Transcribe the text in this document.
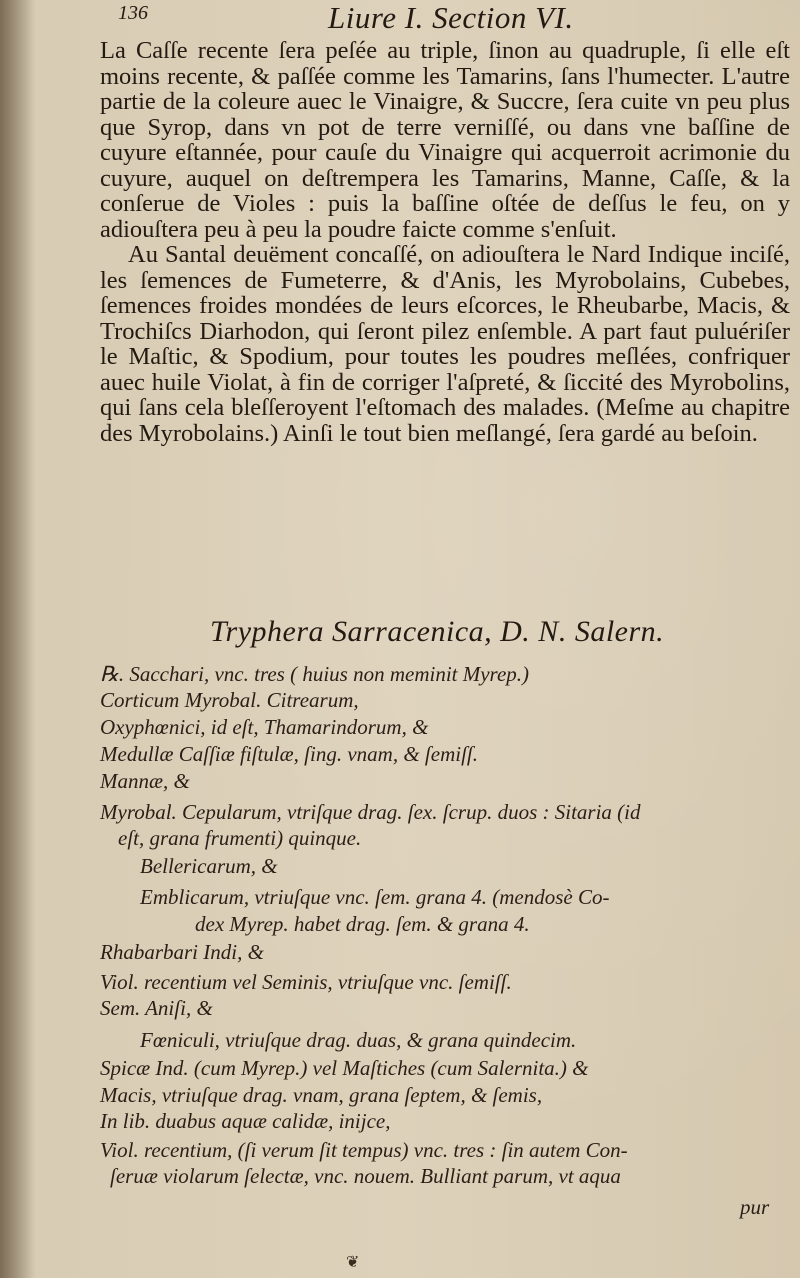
136	Liure I. Section VI.

La Caſſe recente ſera peſée au triple, ſinon au quadruple, ſi elle eſt moins recente, & paſſée comme les Tamarins, ſans l'humecter. L'autre partie de la coleure auec le Vinaigre, & Succre, ſera cuite vn peu plus que Syrop, dans vn pot de terre verniſſé, ou dans vne baſſine de cuyure eſtannée, pour cauſe du Vinaigre qui acquerroit acrimonie du cuyure, auquel on deſtrempera les Tamarins, Manne, Caſſe, & la conſerue de Violes : puis la baſſine oſtée de deſſus le feu, on y adiouſtera peu à peu la poudre faicte comme s'enſuit.

Au Santal deuëment concaſſé, on adiouſtera le Nard Indique inciſé, les ſemences de Fumeterre, & d'Anis, les Myrobolains, Cubebes, ſemences froides mondées de leurs eſcorces, le Rheubarbe, Macis, & Trochiſcs Diarhodon, qui ſeront pilez enſemble. A part faut puluériſer le Maſtic, & Spodium, pour toutes les poudres meſlées, confriquer auec huile Violat, à fin de corriger l'aſpreté, & ſiccité des Myrobolins, qui ſans cela bleſſeroyent l'eſtomach des malades. (Meſme au chapitre des Myrobolains.) Ainſi le tout bien meſlangé, ſera gardé au beſoin.

Tryphera Sarracenica, D. N. Salern.
℞. Sacchari, vnc. tres ( huius non meminit Myrep.)
Corticum Myrobal. Citrearum,
Oxyphœnici, id eſt, Thamarindorum, &
Medullæ Caſſiæ fiſtulæ, ſing. vnam, & ſemiſſ.
Mannæ, &
Myrobal. Cepularum, vtriſque drag. ſex. ſcrup. duos : Sitaria (id
eſt, grana frumenti) quinque.
Bellericarum, &
Emblicarum, vtriuſque vnc. ſem. grana 4. (mendosè Co-
dex Myrep. habet drag. ſem. & grana 4.
Rhabarbari Indi, &
Viol. recentium vel Seminis, vtriuſque vnc. ſemiſſ.
Sem. Aniſi, &
Fœniculi, vtriuſque drag. duas, & grana quindecim.
Spicæ Ind. (cum Myrep.) vel Maſtiches (cum Salernita.) &
Macis, vtriuſque drag. vnam, grana ſeptem, & ſemis,
In lib. duabus aquæ calidæ, inijce,
Viol. recentium, (ſi verum ſit tempus) vnc. tres : ſin autem Con-
ſeruæ violarum ſelectæ, vnc. nouem. Bulliant parum, vt aqua
pur
❦
